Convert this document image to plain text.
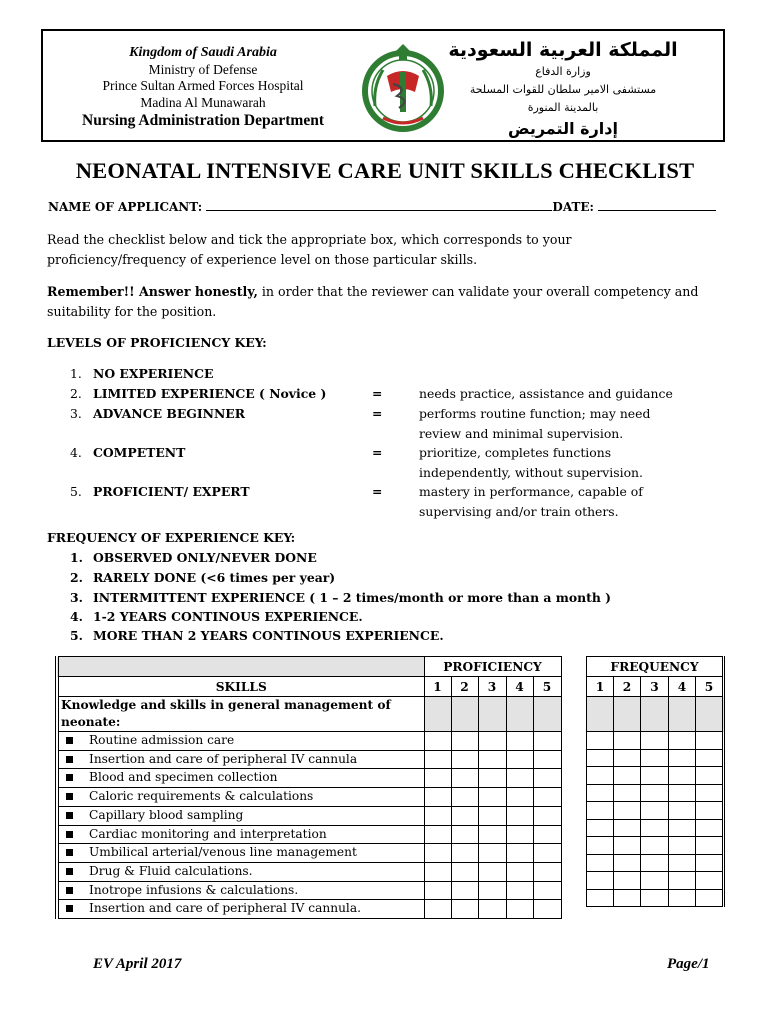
Kingdom of Saudi Arabia
Ministry of Defense
Prince Sultan Armed Forces Hospital
Madina Al Munawarah
Nursing Administration Department
المملكة العربية السعودية
وزارة الدفاع
مستشفى الامير سلطان للقوات المسلحة
بالمدينة المنورة
إدارة التمريض
NEONATAL INTENSIVE CARE UNIT SKILLS CHECKLIST
NAME OF APPLICANT:	DATE:
Read the checklist below and tick the appropriate box, which corresponds to your
proficiency/frequency of experience level on those particular skills.
Remember!! Answer honestly, in order that the reviewer can validate your overall competency and
suitability for the position.
LEVELS OF PROFICIENCY KEY:
1. NO EXPERIENCE
2. LIMITED EXPERIENCE ( Novice )	=	needs practice, assistance and guidance
3. ADVANCE BEGINNER	=	performs routine function; may need
review and minimal supervision.
4. COMPETENT	=	prioritize, completes functions
independently, without supervision.
5. PROFICIENT/ EXPERT	=	mastery in performance, capable of
supervising and/or train others.
FREQUENCY OF EXPERIENCE KEY:
1. OBSERVED ONLY/NEVER DONE
2. RARELY DONE (<6 times per year)
3. INTERMITTENT EXPERIENCE ( 1 – 2 times/month or more than a month )
4. 1-2 YEARS CONTINOUS EXPERIENCE.
5. MORE THAN 2 YEARS CONTINOUS EXPERIENCE.
	PROFICIENCY				
SKILLS	1	2	3	4	5

Knowledge and skills in general management of
neonate:					

Routine admission care					

Insertion and care of peripheral IV cannula					

Blood and specimen collection					

Caloric requirements & calculations					

Capillary blood sampling					

Cardiac monitoring and interpretation					

Umbilical arterial/venous line management					

Drug & Fluid calculations.					

Inotrope infusions & calculations.					

Insertion and care of peripheral IV cannula.					

FREQUENCY				
1	2	3	4	5

EV April 2017	Page/1
